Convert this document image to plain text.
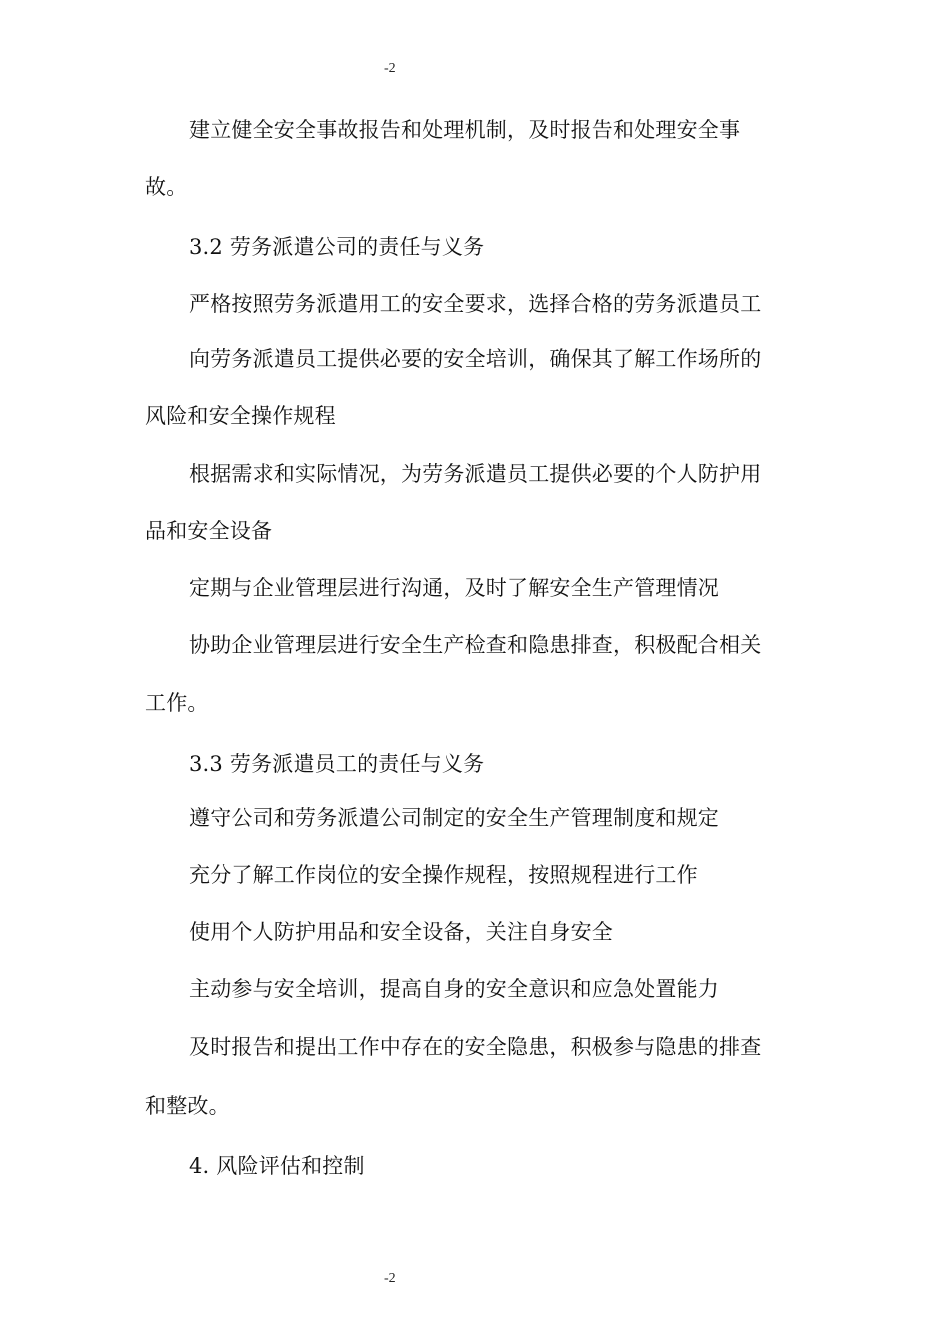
-2
建立健全安全事故报告和处理机制，及时报告和处理安全事
故。
3.2 劳务派遣公司的责任与义务
严格按照劳务派遣用工的安全要求，选择合格的劳务派遣员工
向劳务派遣员工提供必要的安全培训，确保其了解工作场所的
风险和安全操作规程
根据需求和实际情况，为劳务派遣员工提供必要的个人防护用
品和安全设备
定期与企业管理层进行沟通，及时了解安全生产管理情况
协助企业管理层进行安全生产检查和隐患排查，积极配合相关
工作。
3.3 劳务派遣员工的责任与义务
遵守公司和劳务派遣公司制定的安全生产管理制度和规定
充分了解工作岗位的安全操作规程，按照规程进行工作
使用个人防护用品和安全设备，关注自身安全
主动参与安全培训，提高自身的安全意识和应急处置能力
及时报告和提出工作中存在的安全隐患，积极参与隐患的排查
和整改。
4. 风险评估和控制
-2
